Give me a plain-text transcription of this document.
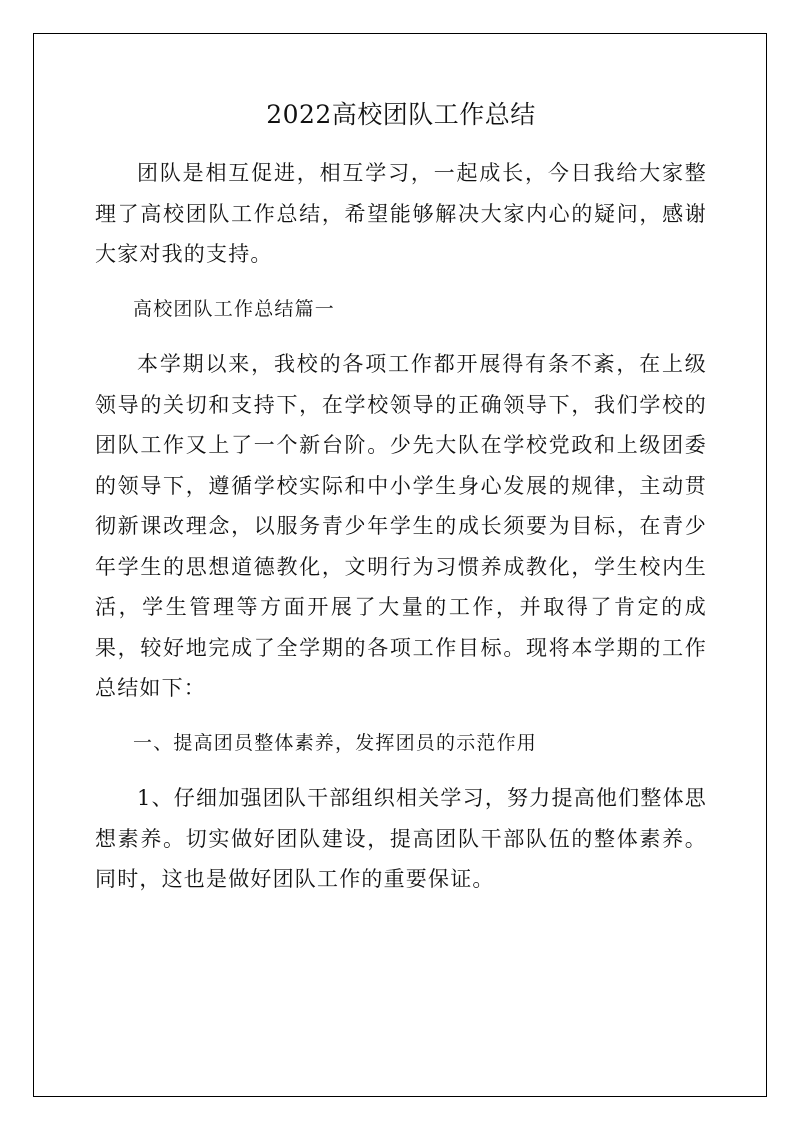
2022高校团队工作总结

团队是相互促进，相互学习，一起成长，今日我给大家整理了高校团队工作总结，希望能够解决大家内心的疑问，感谢大家对我的支持。

高校团队工作总结篇一

本学期以来，我校的各项工作都开展得有条不紊，在上级领导的关切和支持下，在学校领导的正确领导下，我们学校的团队工作又上了一个新台阶。少先大队在学校党政和上级团委的领导下，遵循学校实际和中小学生身心发展的规律，主动贯彻新课改理念，以服务青少年学生的成长须要为目标，在青少年学生的思想道德教化，文明行为习惯养成教化，学生校内生活，学生管理等方面开展了大量的工作，并取得了肯定的成果，较好地完成了全学期的各项工作目标。现将本学期的工作总结如下：

一、提高团员整体素养，发挥团员的示范作用

1、仔细加强团队干部组织相关学习，努力提高他们整体思想素养。切实做好团队建设，提高团队干部队伍的整体素养。同时，这也是做好团队工作的重要保证。
